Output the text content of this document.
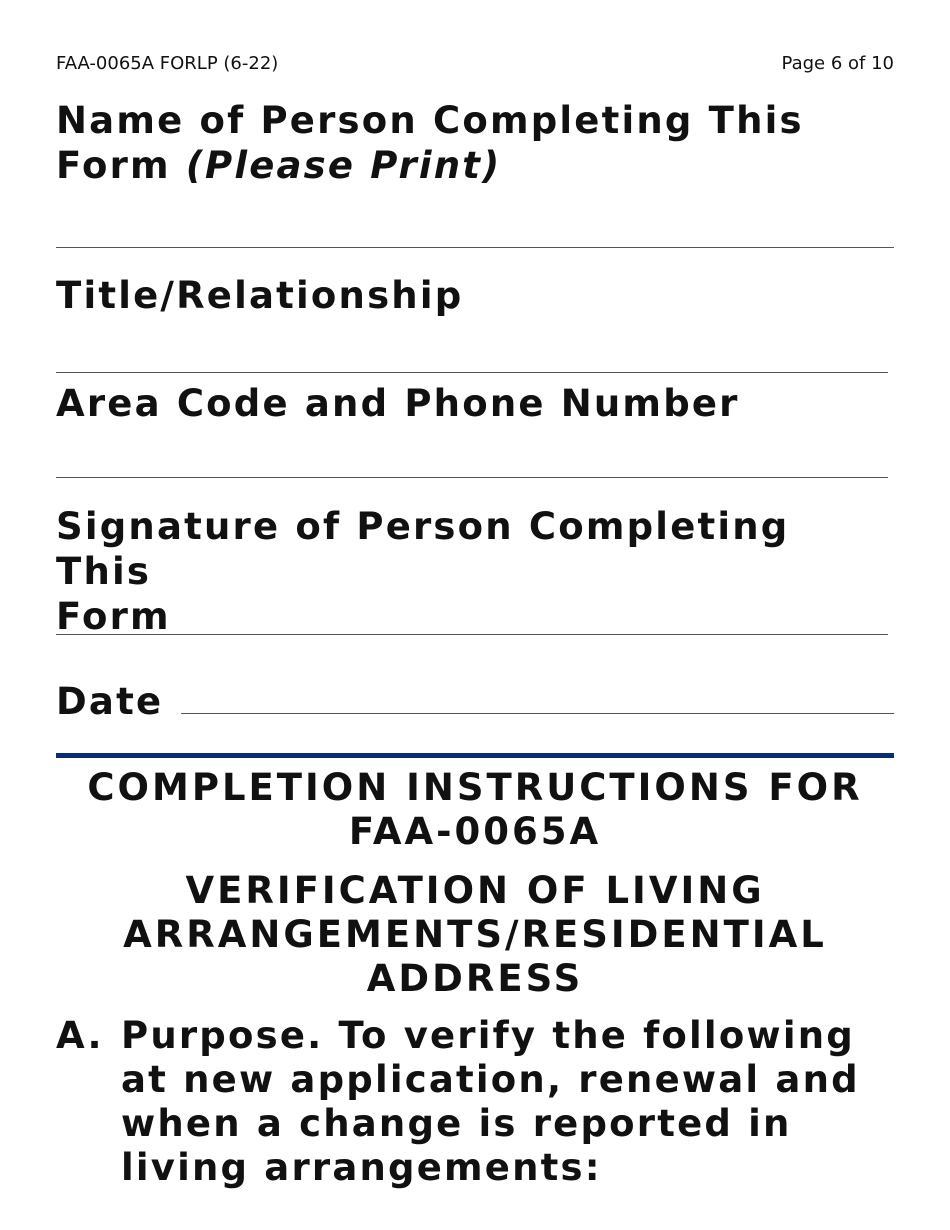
FAA-0065A FORLP (6-22)	Page 6 of 10
Name of Person Completing This
Form (Please Print)
Title/Relationship
Area Code and Phone Number
Signature of Person Completing This
Form
Date
COMPLETION INSTRUCTIONS FOR
FAA-0065A
VERIFICATION OF LIVING
ARRANGEMENTS/RESIDENTIAL
ADDRESS
A. Purpose. To verify the following
at new application, renewal and
when a change is reported in
living arrangements:
